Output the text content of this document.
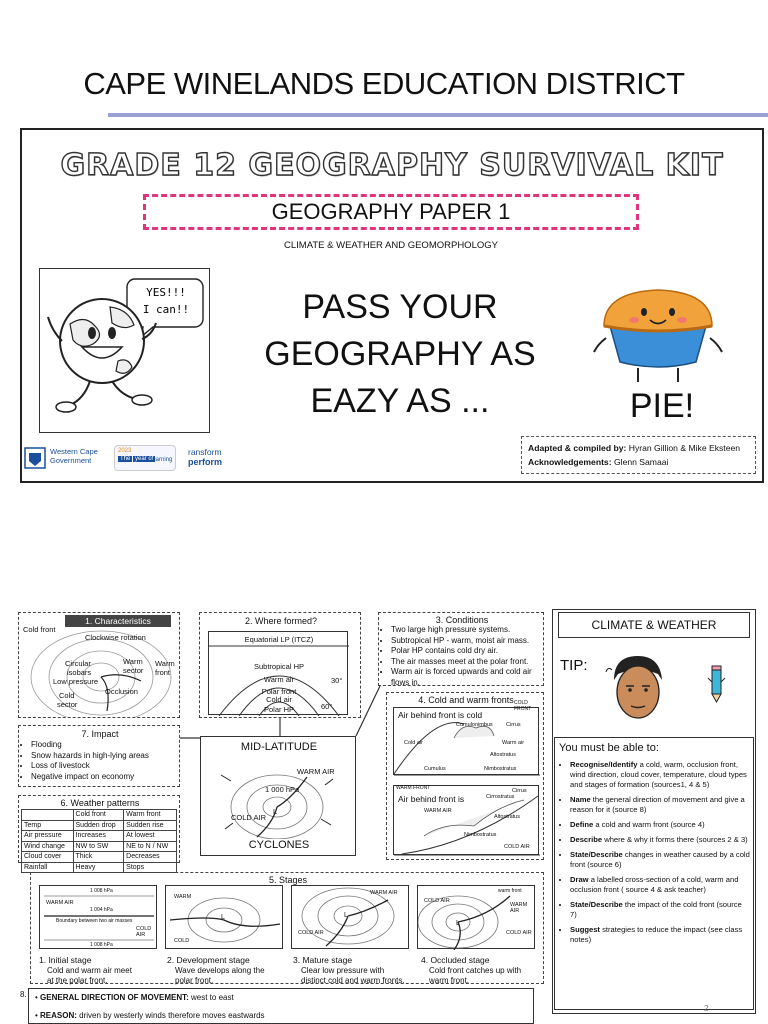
CAPE WINELANDS EDUCATION DISTRICT
GRADE 12 GEOGRAPHY SURVIVAL KIT
GEOGRAPHY PAPER 1
CLIMATE & WEATHER AND GEOMORPHOLOGY
YES!!!
I can!!	PASS YOUR
GEOGRAPHY AS
EAZY AS ...	PIE!
Adapted & compiled by: Hyran Gillion & Mike Eksteen
Acknowledgements: Glenn Samaai
Western Cape
Government
2023
The year of
learning
ransform
perform
1. Characteristics
Cold front
Clockwise rotation
Circular
isobars
Low pressure
Warm
sector
Warm
front
Occlusion
Cold
sector
2. Where formed?
Equatorial LP (ITCZ)
Subtropical HP
Warm air
Polar front
Cold air
Polar HP
30°
60°
3. Conditions
• Two large high pressure systems.
• Subtropical HP - warm, moist air mass.
• Polar HP contains cold dry air.
• The air masses meet at the polar front.
• Warm air is forced upwards and cold air flows in.
7. Impact
• Flooding
• Snow hazards in high-lying areas
• Loss of livestock
• Negative impact on economy
MID-LATITUDE
WARM AIR
1 000 hPa
COLD AIR
L
CYCLONES
4. Cold and warm fronts
Air behind front is cold
COLD FRONT
Cumulonimbus Cirrus
Warm air
Cold air
Altostratus
Cumulus	Nimbostratus
WARM FRONT
Air behind front is	Cirrostratus
Cirrus
Altostratus
Nimbostratus
WARM AIR
COLD AIR
6. Weather patterns
	Cold front	Warm front
Temp	Sudden drop	Sudden rise
Air pressure	Increases	At lowest
Wind change	NW to SW	NE to N / NW
Cloud cover	Thick	Decreases
Rainfall	Heavy	Stops
5. Stages
1 008 hPa
WARM AIR
1 004 hPa
Boundary between two air masses
COLD AIR
1 008 hPa
WARM
L
COLD
COLD AIR
WARM AIR
L
COLD AIR
WARM AIR
L
warm front
COLD AIR
1. Initial stage
Cold and warm air meet
at the polar front.
2. Development stage
Wave develops along the
polar front.
3. Mature stage
Clear low pressure with
distinct cold and warm fronts.
4. Occluded stage
Cold front catches up with
warm front.
8. • GENERAL DIRECTION OF MOVEMENT: west to east
• REASON: driven by westerly winds therefore moves eastwards
CLIMATE & WEATHER
TIP:
You must be able to:
• Recognise/Identify a cold, warm, occlusion front, wind direction, cloud cover, temperature, cloud types and stages of formation (sources1, 4 & 5)
• Name the general direction of movement and give a reason for it (source 8)
• Define a cold and warm front (source 4)
• Describe where & why it forms there (sources 2 & 3)
• State/Describe changes in weather caused by a cold front (source 6)
• Draw a labelled cross-section of a cold, warm and occlusion front ( source 4 & ask teacher)
• State/Describe the impact of the cold front (source 7)
• Suggest strategies to reduce the impact (see class notes)
2
